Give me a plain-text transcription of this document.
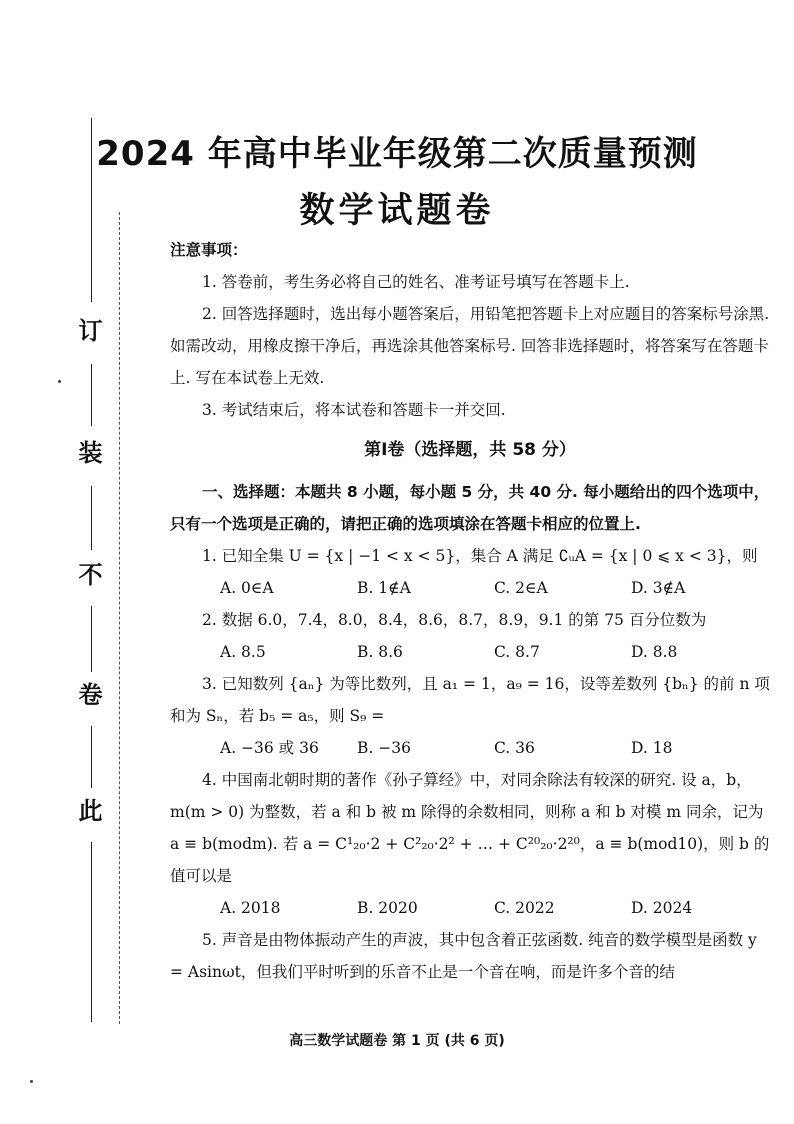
订
装
不
卷
此
2024 年高中毕业年级第二次质量预测
数学试题卷

注意事项：

1. 答卷前，考生务必将自己的姓名、准考证号填写在答题卡上.

2. 回答选择题时，选出每小题答案后，用铅笔把答题卡上对应题目的答案标号涂黑. 如需改动，用橡皮擦干净后，再选涂其他答案标号. 回答非选择题时，将答案写在答题卡上. 写在本试卷上无效.

3. 考试结束后，将本试卷和答题卡一并交回.

第Ⅰ卷（选择题，共 58 分）

一、选择题：本题共 8 小题，每小题 5 分，共 40 分. 每小题给出的四个选项中，只有一个选项是正确的，请把正确的选项填涂在答题卡相应的位置上.

1. 已知全集 U = {x | −1 < x < 5}，集合 A 满足 ∁ᵤA = {x | 0 ⩽ x < 3}，则

A. 0∈A	B. 1∉A	C. 2∈A	D. 3∉A

2. 数据 6.0，7.4，8.0，8.4，8.6，8.7，8.9，9.1 的第 75 百分位数为

A. 8.5	B. 8.6	C. 8.7	D. 8.8

3. 已知数列 {aₙ} 为等比数列，且 a₁ = 1，a₉ = 16，设等差数列 {bₙ} 的前 n 项和为 Sₙ，若 b₅ = a₅，则 S₉ =

A. −36 或 36	B. −36	C. 36	D. 18

4. 中国南北朝时期的著作《孙子算经》中，对同余除法有较深的研究. 设 a，b，m(m > 0) 为整数，若 a 和 b 被 m 除得的余数相同，则称 a 和 b 对模 m 同余，记为 a ≡ b(modm). 若 a = C¹₂₀·2 + C²₂₀·2² + … + C²⁰₂₀·2²⁰，a ≡ b(mod10)，则 b 的值可以是

A. 2018	B. 2020	C. 2022	D. 2024

5. 声音是由物体振动产生的声波，其中包含着正弦函数. 纯音的数学模型是函数 y = Asinωt，但我们平时听到的乐音不止是一个音在响，而是许多个音的结

高三数学试题卷 第 1 页 (共 6 页)
